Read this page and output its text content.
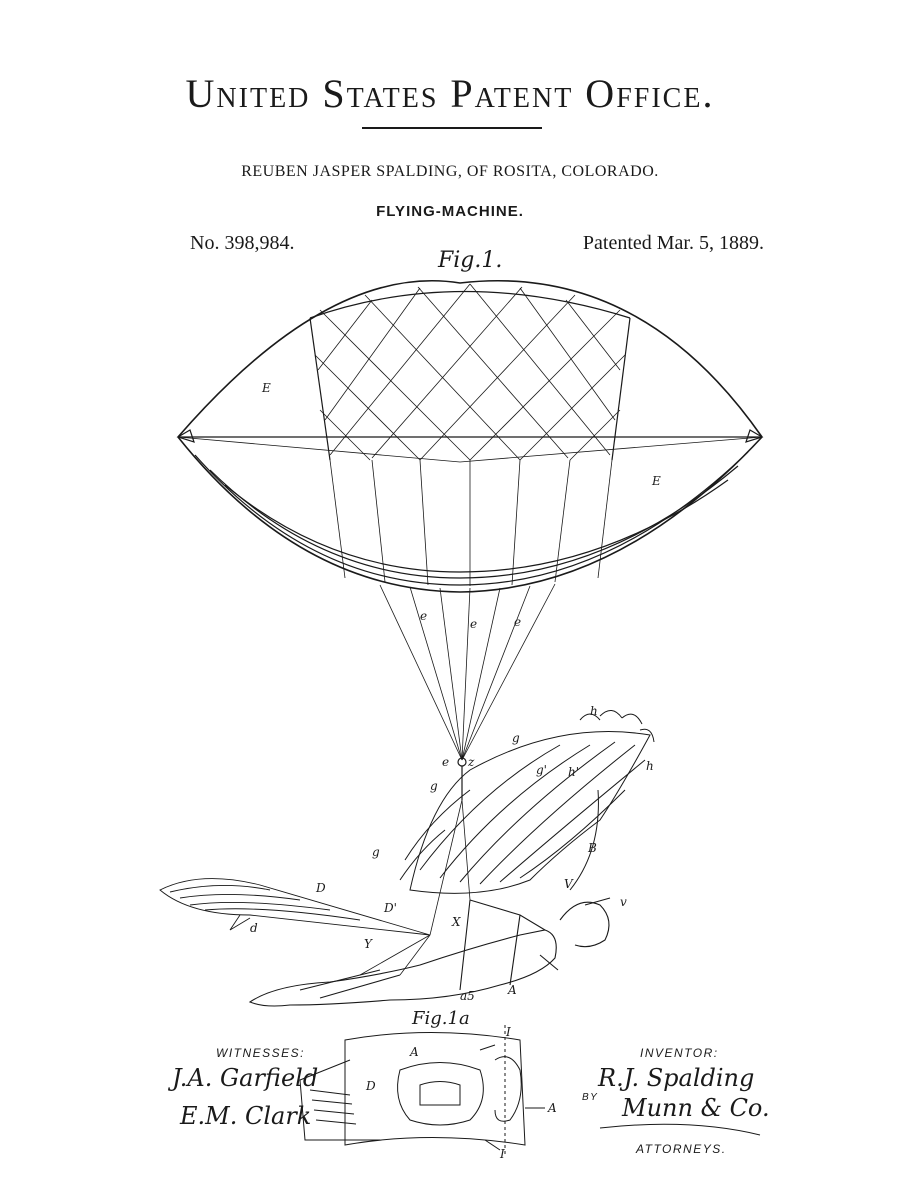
United States Patent Office.
REUBEN JASPER SPALDING, OF ROSITA, COLORADO.
FLYING-MACHINE.
No. 398,984.	Patented Mar. 5, 1889.
Fig.1.
E
E
e
e	e
e z
h
h
h'
g
g
g'
g	B
V
v
D
D'
d
Y
X
A
a5
A
D
I
I
A
Fig.1a
WITNESSES:
J.A. Garfield
E.M. Clark
INVENTOR:
R.J. Spalding
BY Munn & Co.
ATTORNEYS.
